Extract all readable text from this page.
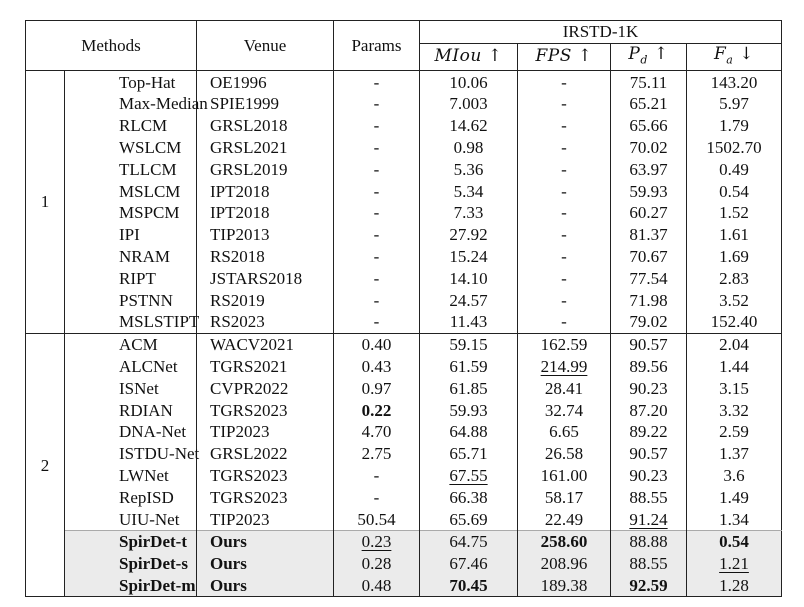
Methods		Venue	Params	IRSTD-1K			
				MIou ↑	FPS ↑	$P_d$ ↑	$F_a$ ↓
1	Top-Hat	OE1996	-	10.06	-	75.11	143.20
	Max-Median	SPIE1999	-	7.003	-	65.21	5.97
	RLCM	GRSL2018	-	14.62	-	65.66	1.79
	WSLCM	GRSL2021	-	0.98	-	70.02	1502.70
	TLLCM	GRSL2019	-	5.36	-	63.97	0.49
	MSLCM	IPT2018	-	5.34	-	59.93	0.54
	MSPCM	IPT2018	-	7.33	-	60.27	1.52
	IPI	TIP2013	-	27.92	-	81.37	1.61
	NRAM	RS2018	-	15.24	-	70.67	1.69
	RIPT	JSTARS2018	-	14.10	-	77.54	2.83
	PSTNN	RS2019	-	24.57	-	71.98	3.52
	MSLSTIPT	RS2023	-	11.43	-	79.02	152.40
2	ACM	WACV2021	0.40	59.15	162.59	90.57	2.04
	ALCNet	TGRS2021	0.43	61.59	214.99	89.56	1.44
	ISNet	CVPR2022	0.97	61.85	28.41	90.23	3.15
	RDIAN	TGRS2023	0.22	59.93	32.74	87.20	3.32
	DNA-Net	TIP2023	4.70	64.88	6.65	89.22	2.59
	ISTDU-Net	GRSL2022	2.75	65.71	26.58	90.57	1.37
	LWNet	TGRS2023	-	67.55	161.00	90.23	3.6
	RepISD	TGRS2023	-	66.38	58.17	88.55	1.49
	UIU-Net	TIP2023	50.54	65.69	22.49	91.24	1.34
	SpirDet-t	Ours	0.23	64.75	258.60	88.88	0.54
	SpirDet-s	Ours	0.28	67.46	208.96	88.55	1.21
	SpirDet-m	Ours	0.48	70.45	189.38	92.59	1.28
